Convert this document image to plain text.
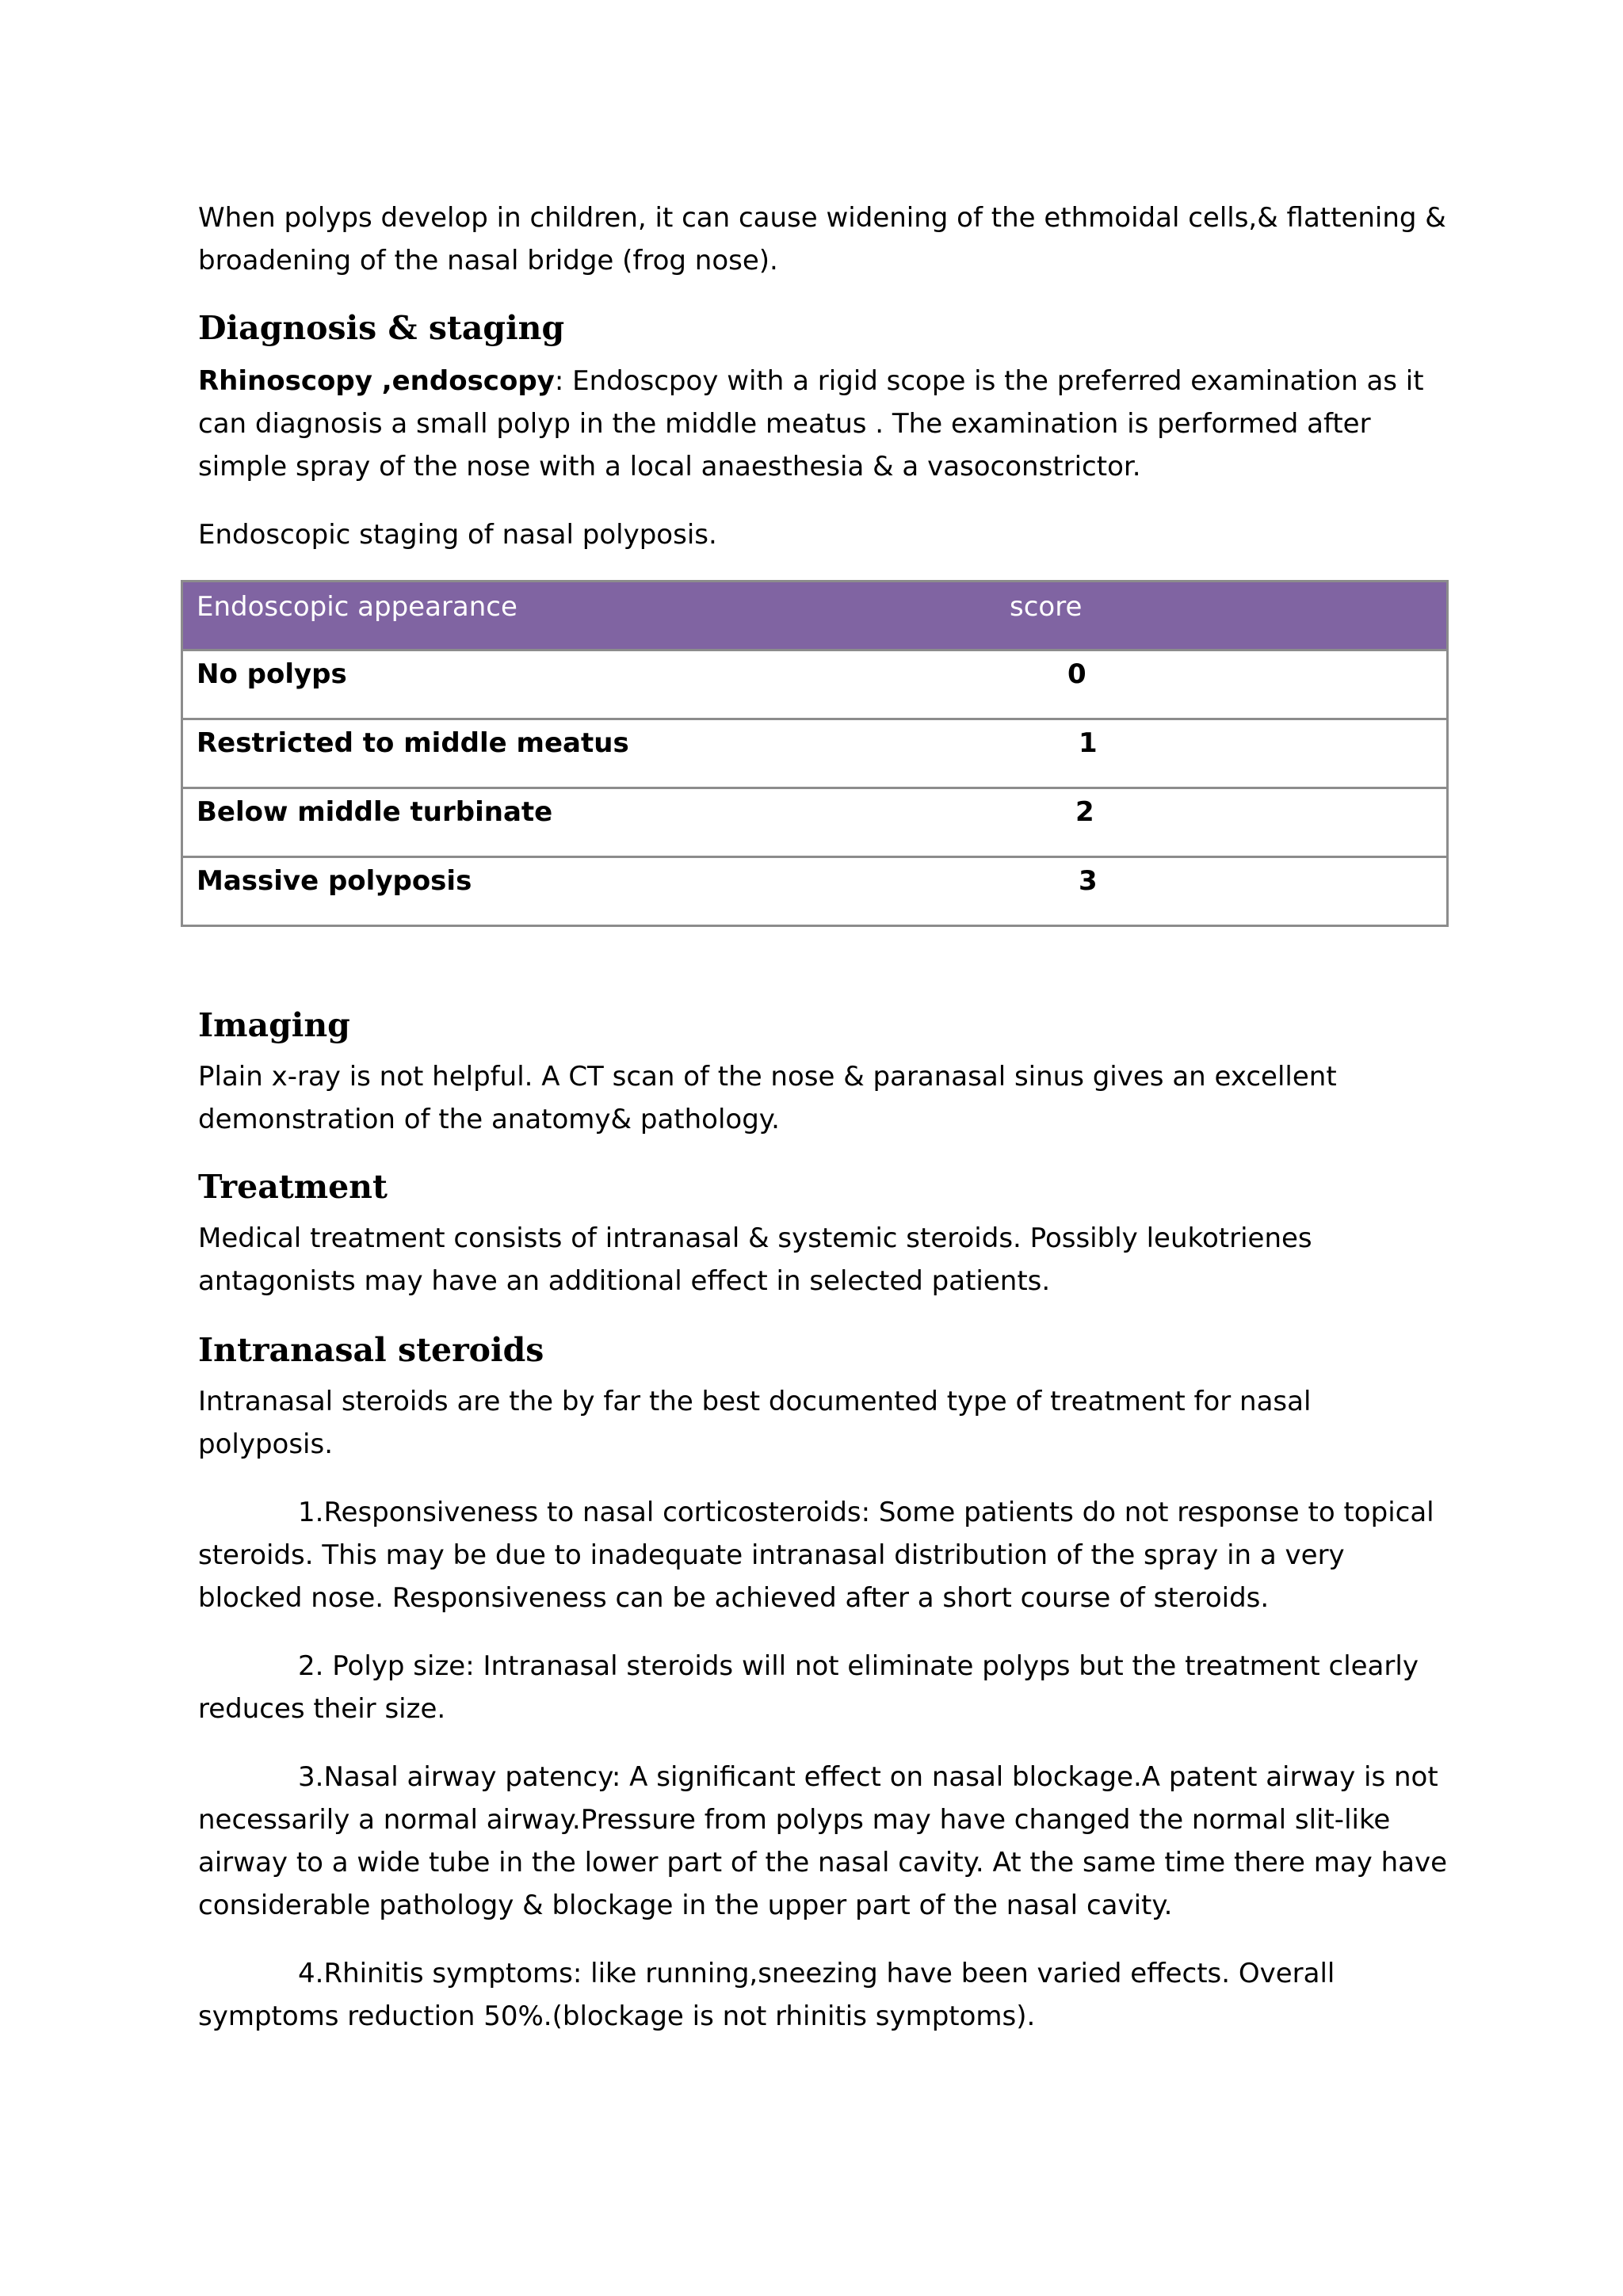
When polyps develop in children, it can cause widening of the ethmoidal cells,& flattening & broadening of the nasal bridge (frog nose).

Diagnosis & staging

Rhinoscopy ,endoscopy: Endoscpoy with a rigid scope is the preferred examination as it can diagnosis a small polyp in the middle meatus . The examination is performed after simple spray of the nose with a local anaesthesia & a vasoconstrictor.

Endoscopic staging of nasal polyposis.

Endoscopic appearance	score
No polyps	0
Restricted to middle meatus	1
Below middle turbinate	2
Massive polyposis	3
Imaging

Plain x-ray is not helpful. A CT scan of the nose & paranasal sinus gives an excellent demonstration of the anatomy& pathology.

Treatment

Medical treatment consists of intranasal & systemic steroids. Possibly leukotrienes antagonists may have an additional effect in selected patients.

Intranasal steroids

Intranasal steroids are the by far the best documented type of treatment for nasal polyposis.

1.Responsiveness to nasal corticosteroids: Some patients do not response to topical steroids. This may be due to inadequate intranasal distribution of the spray in a very blocked nose. Responsiveness can be achieved after a short course of steroids.

2. Polyp size: Intranasal steroids will not eliminate polyps but the treatment clearly reduces their size.

3.Nasal airway patency: A significant effect on nasal blockage.A patent airway is not necessarily a normal airway.Pressure from polyps may have changed the normal slit-like airway to a wide tube in the lower part of the nasal cavity. At the same time there may have considerable pathology & blockage in the upper part of the nasal cavity.

4.Rhinitis symptoms: like running,sneezing have been varied effects. Overall symptoms reduction 50%.(blockage is not rhinitis symptoms).
